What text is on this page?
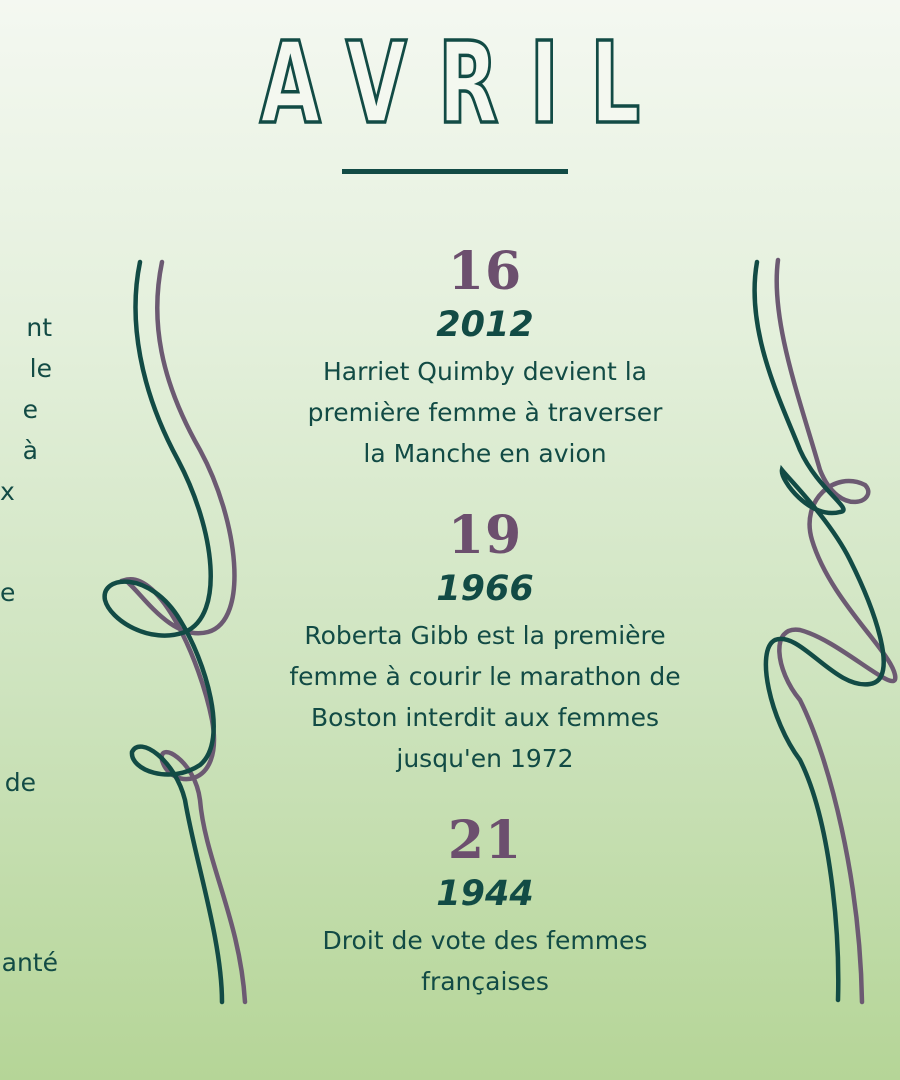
AVRIL
nt le
e à
x
e
de
anté
16
2012
Harriet Quimby devient la
première femme à traverser
la Manche en avion
19
1966
Roberta Gibb est la première
femme à courir le marathon de
Boston interdit aux femmes
jusqu'en 1972
21
1944
Droit de vote des femmes
françaises
